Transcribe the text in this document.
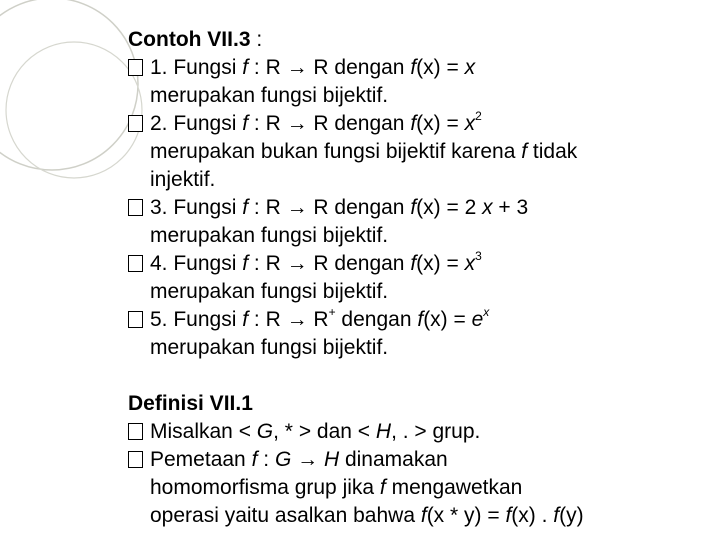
Contoh VII.3 :
1. Fungsi f : R → R dengan f(x) = x
merupakan fungsi bijektif.
2. Fungsi f : R → R dengan $f(x) = x^2$
merupakan bukan fungsi bijektif karena f tidak
injektif.
3. Fungsi f : R → R dengan f(x) = 2 x + 3
merupakan fungsi bijektif.
4. Fungsi f : R → R dengan $f(x) = x^3$
merupakan fungsi bijektif.
5. Fungsi f : R → R+ dengan $f(x) = e^x$
merupakan fungsi bijektif.
Definisi VII.1
Misalkan < G, * > dan < H, . > grup.
Pemetaan f : G → H dinamakan
homomorfisma grup jika f mengawetkan
operasi yaitu asalkan bahwa f(x * y) = f(x) . f(y)
